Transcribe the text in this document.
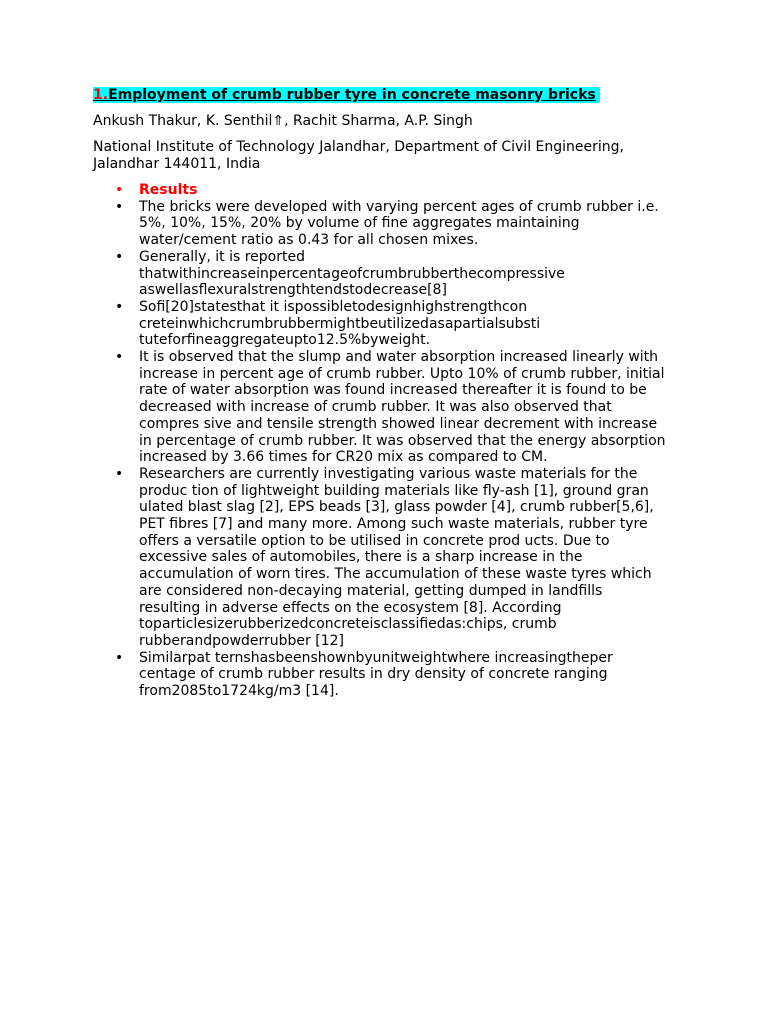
1.Employment of crumb rubber tyre in concrete masonry bricks

Ankush Thakur, K. Senthil⇑, Rachit Sharma, A.P. Singh
National Institute of Technology Jalandhar, Department of Civil Engineering,
Jalandhar 144011, India
• Results
• The bricks were developed with varying percent ages of crumb rubber i.e.
5%, 10%, 15%, 20% by volume of fine aggregates maintaining
water/cement ratio as 0.43 for all chosen mixes.
• Generally, it is reported
thatwithincreaseinpercentageofcrumbrubberthecompressive
aswellasflexuralstrengthtendstodecrease[8]
• Sofi[20]statesthat it ispossibletodesignhighstrengthcon
creteinwhichcrumbrubbermightbeutilizedasapartialsubsti
tuteforfineaggregateupto12.5%byweight.
• It is observed that the slump and water absorption increased linearly with
increase in percent age of crumb rubber. Upto 10% of crumb rubber, initial
rate of water absorption was found increased thereafter it is found to be
decreased with increase of crumb rubber. It was also observed that
compres sive and tensile strength showed linear decrement with increase
in percentage of crumb rubber. It was observed that the energy absorption
increased by 3.66 times for CR20 mix as compared to CM.
• Researchers are currently investigating various waste materials for the
produc tion of lightweight building materials like fly-ash [1], ground gran
ulated blast slag [2], EPS beads [3], glass powder [4], crumb rubber[5,6],
PET fibres [7] and many more. Among such waste materials, rubber tyre
offers a versatile option to be utilised in concrete prod ucts. Due to
excessive sales of automobiles, there is a sharp increase in the
accumulation of worn tires. The accumulation of these waste tyres which
are considered non-decaying material, getting dumped in landfills
resulting in adverse effects on the ecosystem [8]. According
toparticlesizerubberizedconcreteisclassifiedas:chips, crumb
rubberandpowderrubber [12]
• Similarpat ternshasbeenshownbyunitweightwhere increasingtheper
centage of crumb rubber results in dry density of concrete ranging
from2085to1724kg/m3 [14].
